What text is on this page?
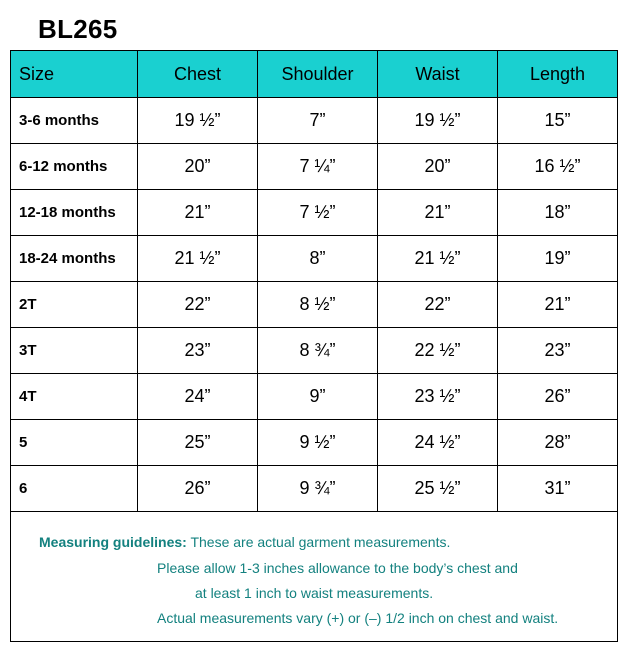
BL265
Size	Chest	Shoulder	Waist	Length
3-6 months	19 ½”	7”	19 ½”	15”
6-12 months	20”	7 ¼”	20”	16 ½”
12-18 months	21”	7 ½”	21”	18”
18-24 months	21 ½”	8”	21 ½”	19”
2T	22”	8 ½”	22”	21”
3T	23”	8 ¾”	22 ½”	23”
4T	24”	9”	23 ½”	26”
5	25”	9 ½”	24 ½”	28”
6	26”	9 ¾”	25 ½”	31”

Measuring guidelines: These are actual garment measurements.
Please allow 1-3 inches allowance to the body’s chest and
at least 1 inch to waist measurements.
Actual measurements vary (+) or (–) 1/2 inch on chest and waist.				
